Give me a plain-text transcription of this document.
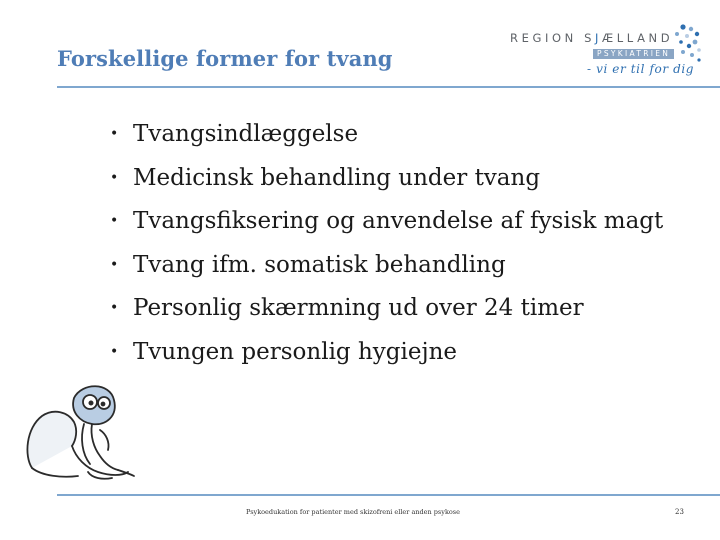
Forskellige former for tvang
REGION SJÆLLAND
PSYKIATRIEN
- vi er til for dig
• Tvangsindlæggelse
• Medicinsk behandling under tvang
• Tvangsfiksering og anvendelse af fysisk magt
• Tvang ifm. somatisk behandling
• Personlig skærmning ud over 24 timer
• Tvungen personlig hygiejne
Psykoedukation for patienter med skizofreni eller anden psykose	23
